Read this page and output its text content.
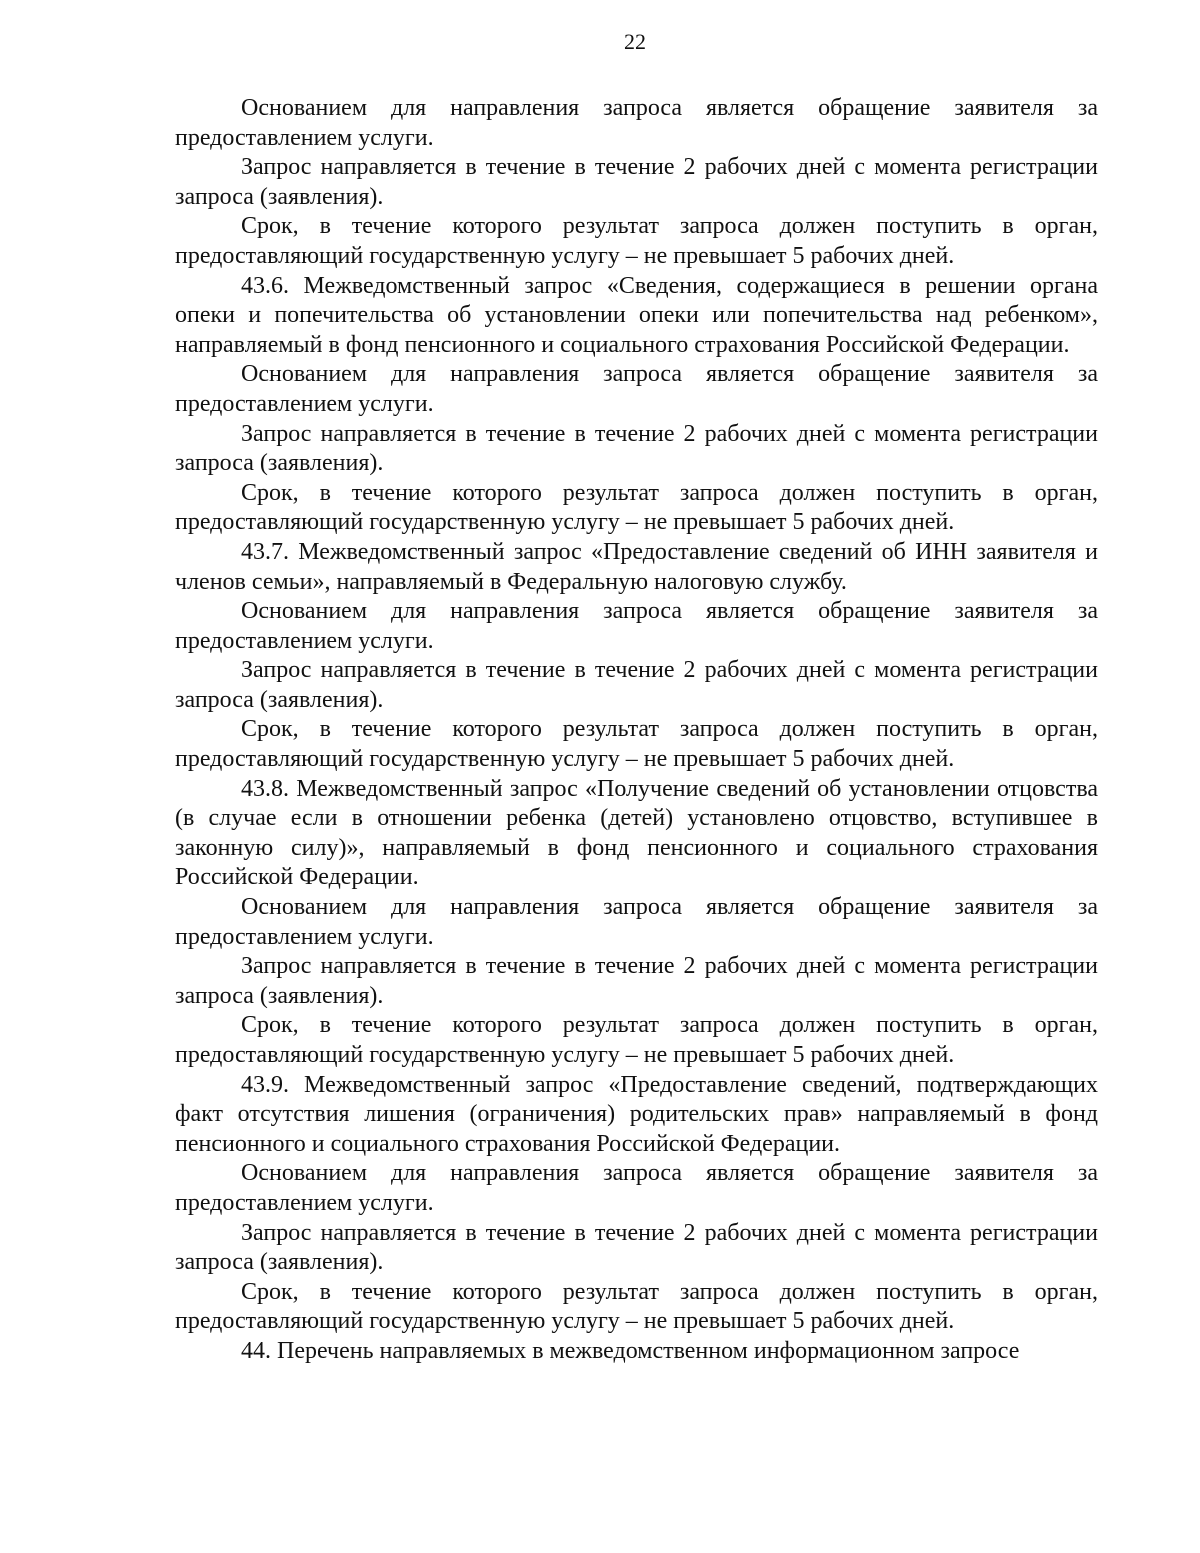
22

Основанием для направления запроса является обращение заявителя за предоставлением услуги.

Запрос направляется в течение в течение 2 рабочих дней с момента регистрации запроса (заявления).

Срок, в течение которого результат запроса должен поступить в орган, предоставляющий государственную услугу – не превышает 5 рабочих дней.

43.6. Межведомственный запрос «Сведения, содержащиеся в решении органа опеки и попечительства об установлении опеки или попечительства над ребенком», направляемый в фонд пенсионного и социального страхования Российской Федерации.

Основанием для направления запроса является обращение заявителя за предоставлением услуги.

Запрос направляется в течение в течение 2 рабочих дней с момента регистрации запроса (заявления).

Срок, в течение которого результат запроса должен поступить в орган, предоставляющий государственную услугу – не превышает 5 рабочих дней.

43.7. Межведомственный запрос «Предоставление сведений об ИНН заявителя и членов семьи», направляемый в Федеральную налоговую службу.

Основанием для направления запроса является обращение заявителя за предоставлением услуги.

Запрос направляется в течение в течение 2 рабочих дней с момента регистрации запроса (заявления).

Срок, в течение которого результат запроса должен поступить в орган, предоставляющий государственную услугу – не превышает 5 рабочих дней.

43.8. Межведомственный запрос «Получение сведений об установлении отцовства (в случае если в отношении ребенка (детей) установлено отцовство, вступившее в законную силу)», направляемый в фонд пенсионного и социального страхования Российской Федерации.

Основанием для направления запроса является обращение заявителя за предоставлением услуги.

Запрос направляется в течение в течение 2 рабочих дней с момента регистрации запроса (заявления).

Срок, в течение которого результат запроса должен поступить в орган, предоставляющий государственную услугу – не превышает 5 рабочих дней.

43.9. Межведомственный запрос «Предоставление сведений, подтверждающих факт отсутствия лишения (ограничения) родительских прав» направляемый в фонд пенсионного и социального страхования Российской Федерации.

Основанием для направления запроса является обращение заявителя за предоставлением услуги.

Запрос направляется в течение в течение 2 рабочих дней с момента регистрации запроса (заявления).

Срок, в течение которого результат запроса должен поступить в орган, предоставляющий государственную услугу – не превышает 5 рабочих дней.

44. Перечень направляемых в межведомственном информационном запросе
